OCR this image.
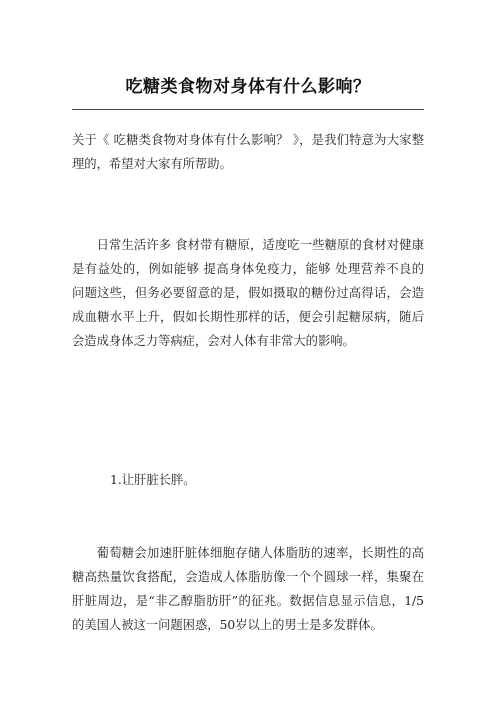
吃糖类食物对身体有什么影响？
关于《 吃糖类食物对身体有什么影响？ 》，是我们特意为大家整理的，希望对大家有所帮助。
日常生活许多 食材带有糖原，适度吃一些糖原的食材对健康是有益处的，例如能够 提高身体免疫力，能够 处理营养不良的问题这些，但务必要留意的是，假如摄取的糖份过高得话，会造成血糖水平上升，假如长期性那样的话，便会引起糖尿病，随后会造成身体乏力等病症，会对人体有非常大的影响。
1.让肝脏长胖。
葡萄糖会加速肝脏体细胞存储人体脂肪的速率，长期性的高糖高热量饮食搭配，会造成人体脂肪像一个个圆球一样，集聚在肝脏周边，是“非乙醇脂肪肝”的征兆。数据信息显示信息，1/5的美国人被这一问题困惑，50岁以上的男士是多发群体。
